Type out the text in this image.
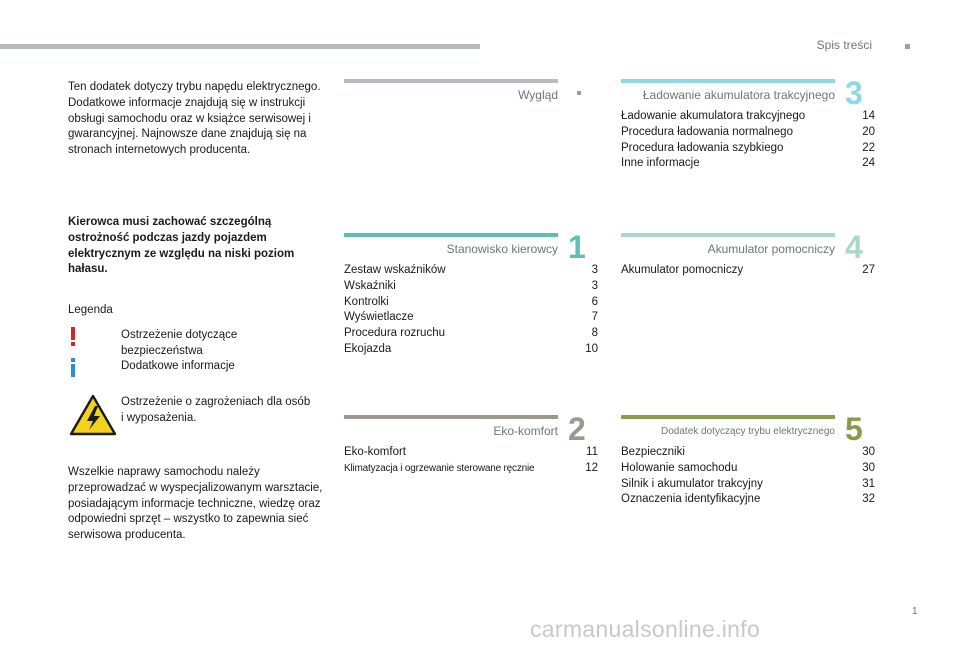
Spis treści
Ten dodatek dotyczy trybu napędu elektrycznego. Dodatkowe informacje znajdują się w instrukcji obsługi samochodu oraz w książce serwisowej i gwarancyjnej. Najnowsze dane znajdują się na stronach internetowych producenta.
Kierowca musi zachować szczególną ostrożność podczas jazdy pojazdem elektrycznym ze względu na niski poziom hałasu.
Legenda
Ostrzeżenie dotyczące bezpieczeństwa
Dodatkowe informacje
Ostrzeżenie o zagrożeniach dla osób i wyposażenia.
Wszelkie naprawy samochodu należy przeprowadzać w wyspecjalizowanym warsztacie, posiadającym informacje techniczne, wiedzę oraz odpowiedni sprzęt – wszystko to zapewnia sieć serwisowa producenta.
Wygląd
Stanowisko kierowcy 1
Zestaw wskaźników	3
Wskaźniki	3
Kontrolki	6
Wyświetlacze	7
Procedura rozruchu	8
Ekojazda	10
Eko-komfort 2
Eko-komfort	11
Klimatyzacja i ogrzewanie sterowane ręcznie	12
Ładowanie akumulatora trakcyjnego 3
Ładowanie akumulatora trakcyjnego	14
Procedura ładowania normalnego	20
Procedura ładowania szybkiego	22
Inne informacje	24
Akumulator pomocniczy 4
Akumulator pomocniczy	27
Dodatek dotyczący trybu elektrycznego 5
Bezpieczniki	30
Holowanie samochodu	30
Silnik i akumulator trakcyjny	31
Oznaczenia identyfikacyjne	32
1
carmanualsonline.info
